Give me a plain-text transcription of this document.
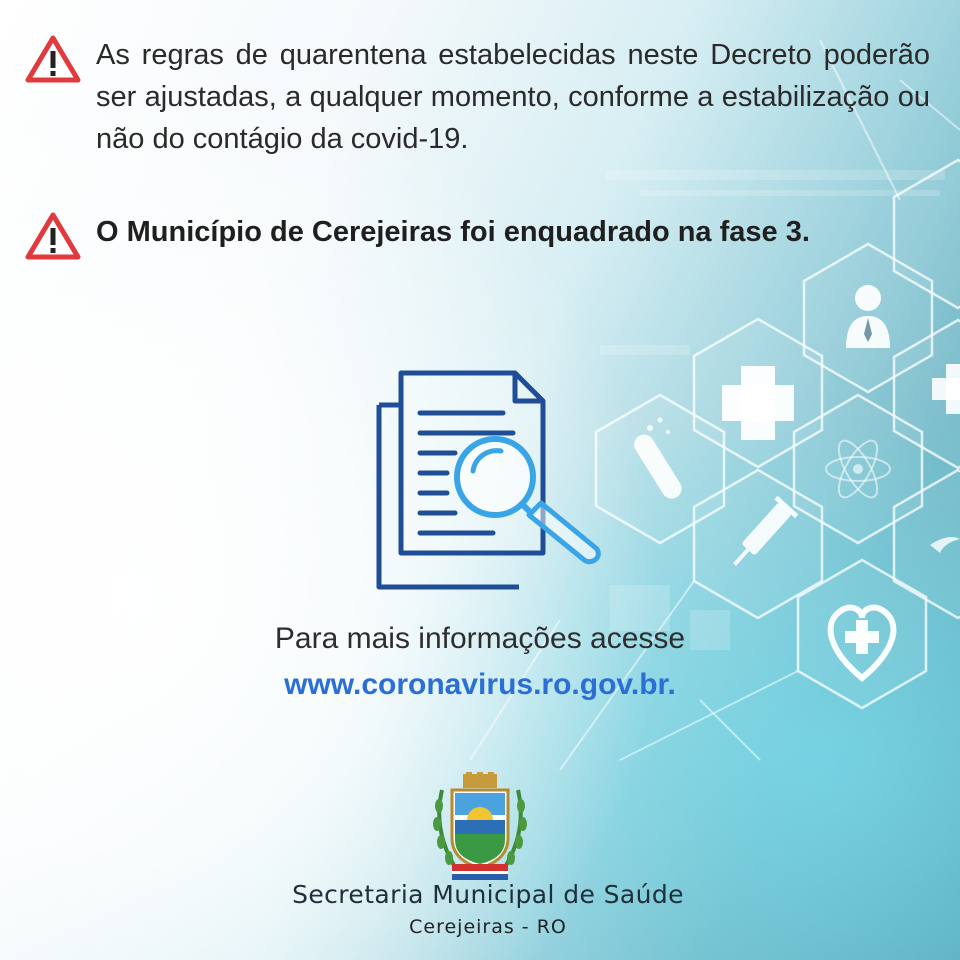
As regras de quarentena estabelecidas neste Decreto poderão ser ajustadas, a qualquer momento, conforme a estabilização ou não do contágio da covid-19.
O Município de Cerejeiras foi enquadrado na fase 3.
Para mais informações acesse
www.coronavirus.ro.gov.br.
Secretaria Municipal de Saúde
Cerejeiras - RO
